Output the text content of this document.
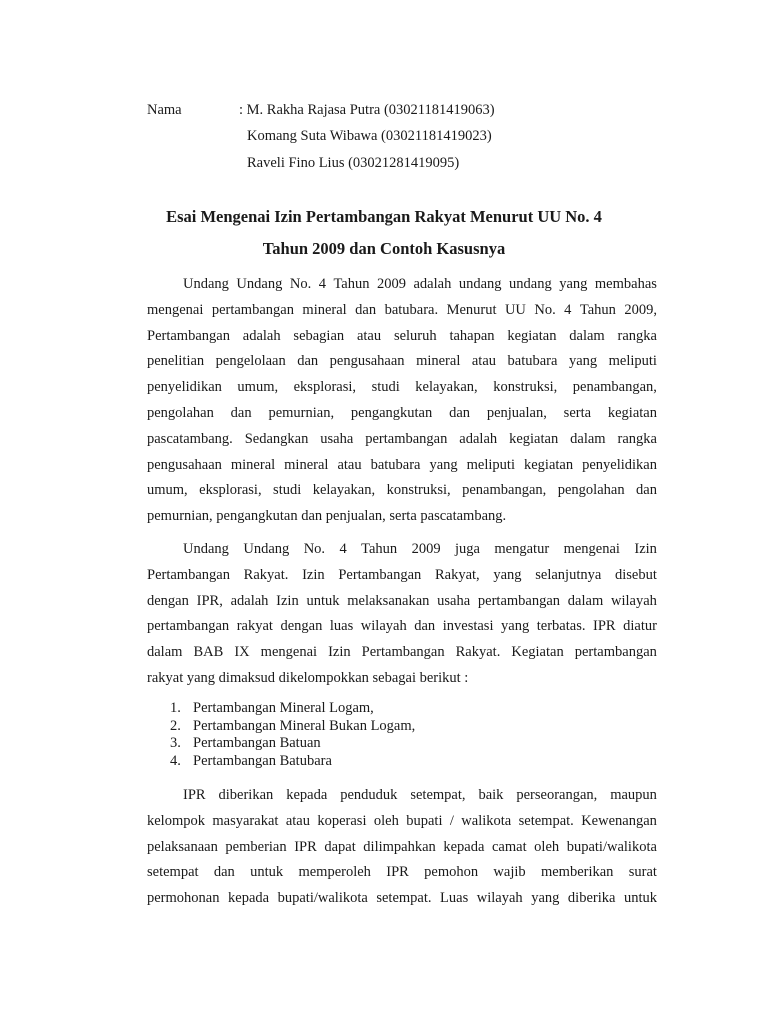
Nama	: M. Rakha Rajasa Putra (03021181419063)
Komang Suta Wibawa (03021181419023)
Raveli Fino Lius (03021281419095)
Esai Mengenai Izin Pertambangan Rakyat Menurut UU No. 4
Tahun 2009 dan Contoh Kasusnya
Undang Undang No. 4 Tahun 2009 adalah undang undang yang membahas
mengenai pertambangan mineral dan batubara. Menurut UU No. 4 Tahun 2009,
Pertambangan adalah sebagian atau seluruh tahapan kegiatan dalam rangka
penelitian pengelolaan dan pengusahaan mineral atau batubara yang meliputi
penyelidikan umum, eksplorasi, studi kelayakan, konstruksi, penambangan,
pengolahan dan pemurnian, pengangkutan dan penjualan, serta kegiatan
pascatambang. Sedangkan usaha pertambangan adalah kegiatan dalam rangka
pengusahaan mineral mineral atau batubara yang meliputi kegiatan penyelidikan
umum, eksplorasi, studi kelayakan, konstruksi, penambangan, pengolahan dan
pemurnian, pengangkutan dan penjualan, serta pascatambang.
Undang Undang No. 4 Tahun 2009 juga mengatur mengenai Izin
Pertambangan Rakyat. Izin Pertambangan Rakyat, yang selanjutnya disebut
dengan IPR, adalah Izin untuk melaksanakan usaha pertambangan dalam wilayah
pertambangan rakyat dengan luas wilayah dan investasi yang terbatas. IPR diatur
dalam BAB IX mengenai Izin Pertambangan Rakyat. Kegiatan pertambangan
rakyat yang dimaksud dikelompokkan sebagai berikut :
IPR diberikan kepada penduduk setempat, baik perseorangan, maupun
kelompok masyarakat atau koperasi oleh bupati / walikota setempat. Kewenangan
pelaksanaan pemberian IPR dapat dilimpahkan kepada camat oleh bupati/walikota
setempat dan untuk memperoleh IPR pemohon wajib memberikan surat
permohonan kepada bupati/walikota setempat. Luas wilayah yang diberika untuk
1. Pertambangan Mineral Logam,
2. Pertambangan Mineral Bukan Logam,
3. Pertambangan Batuan
4. Pertambangan Batubara
